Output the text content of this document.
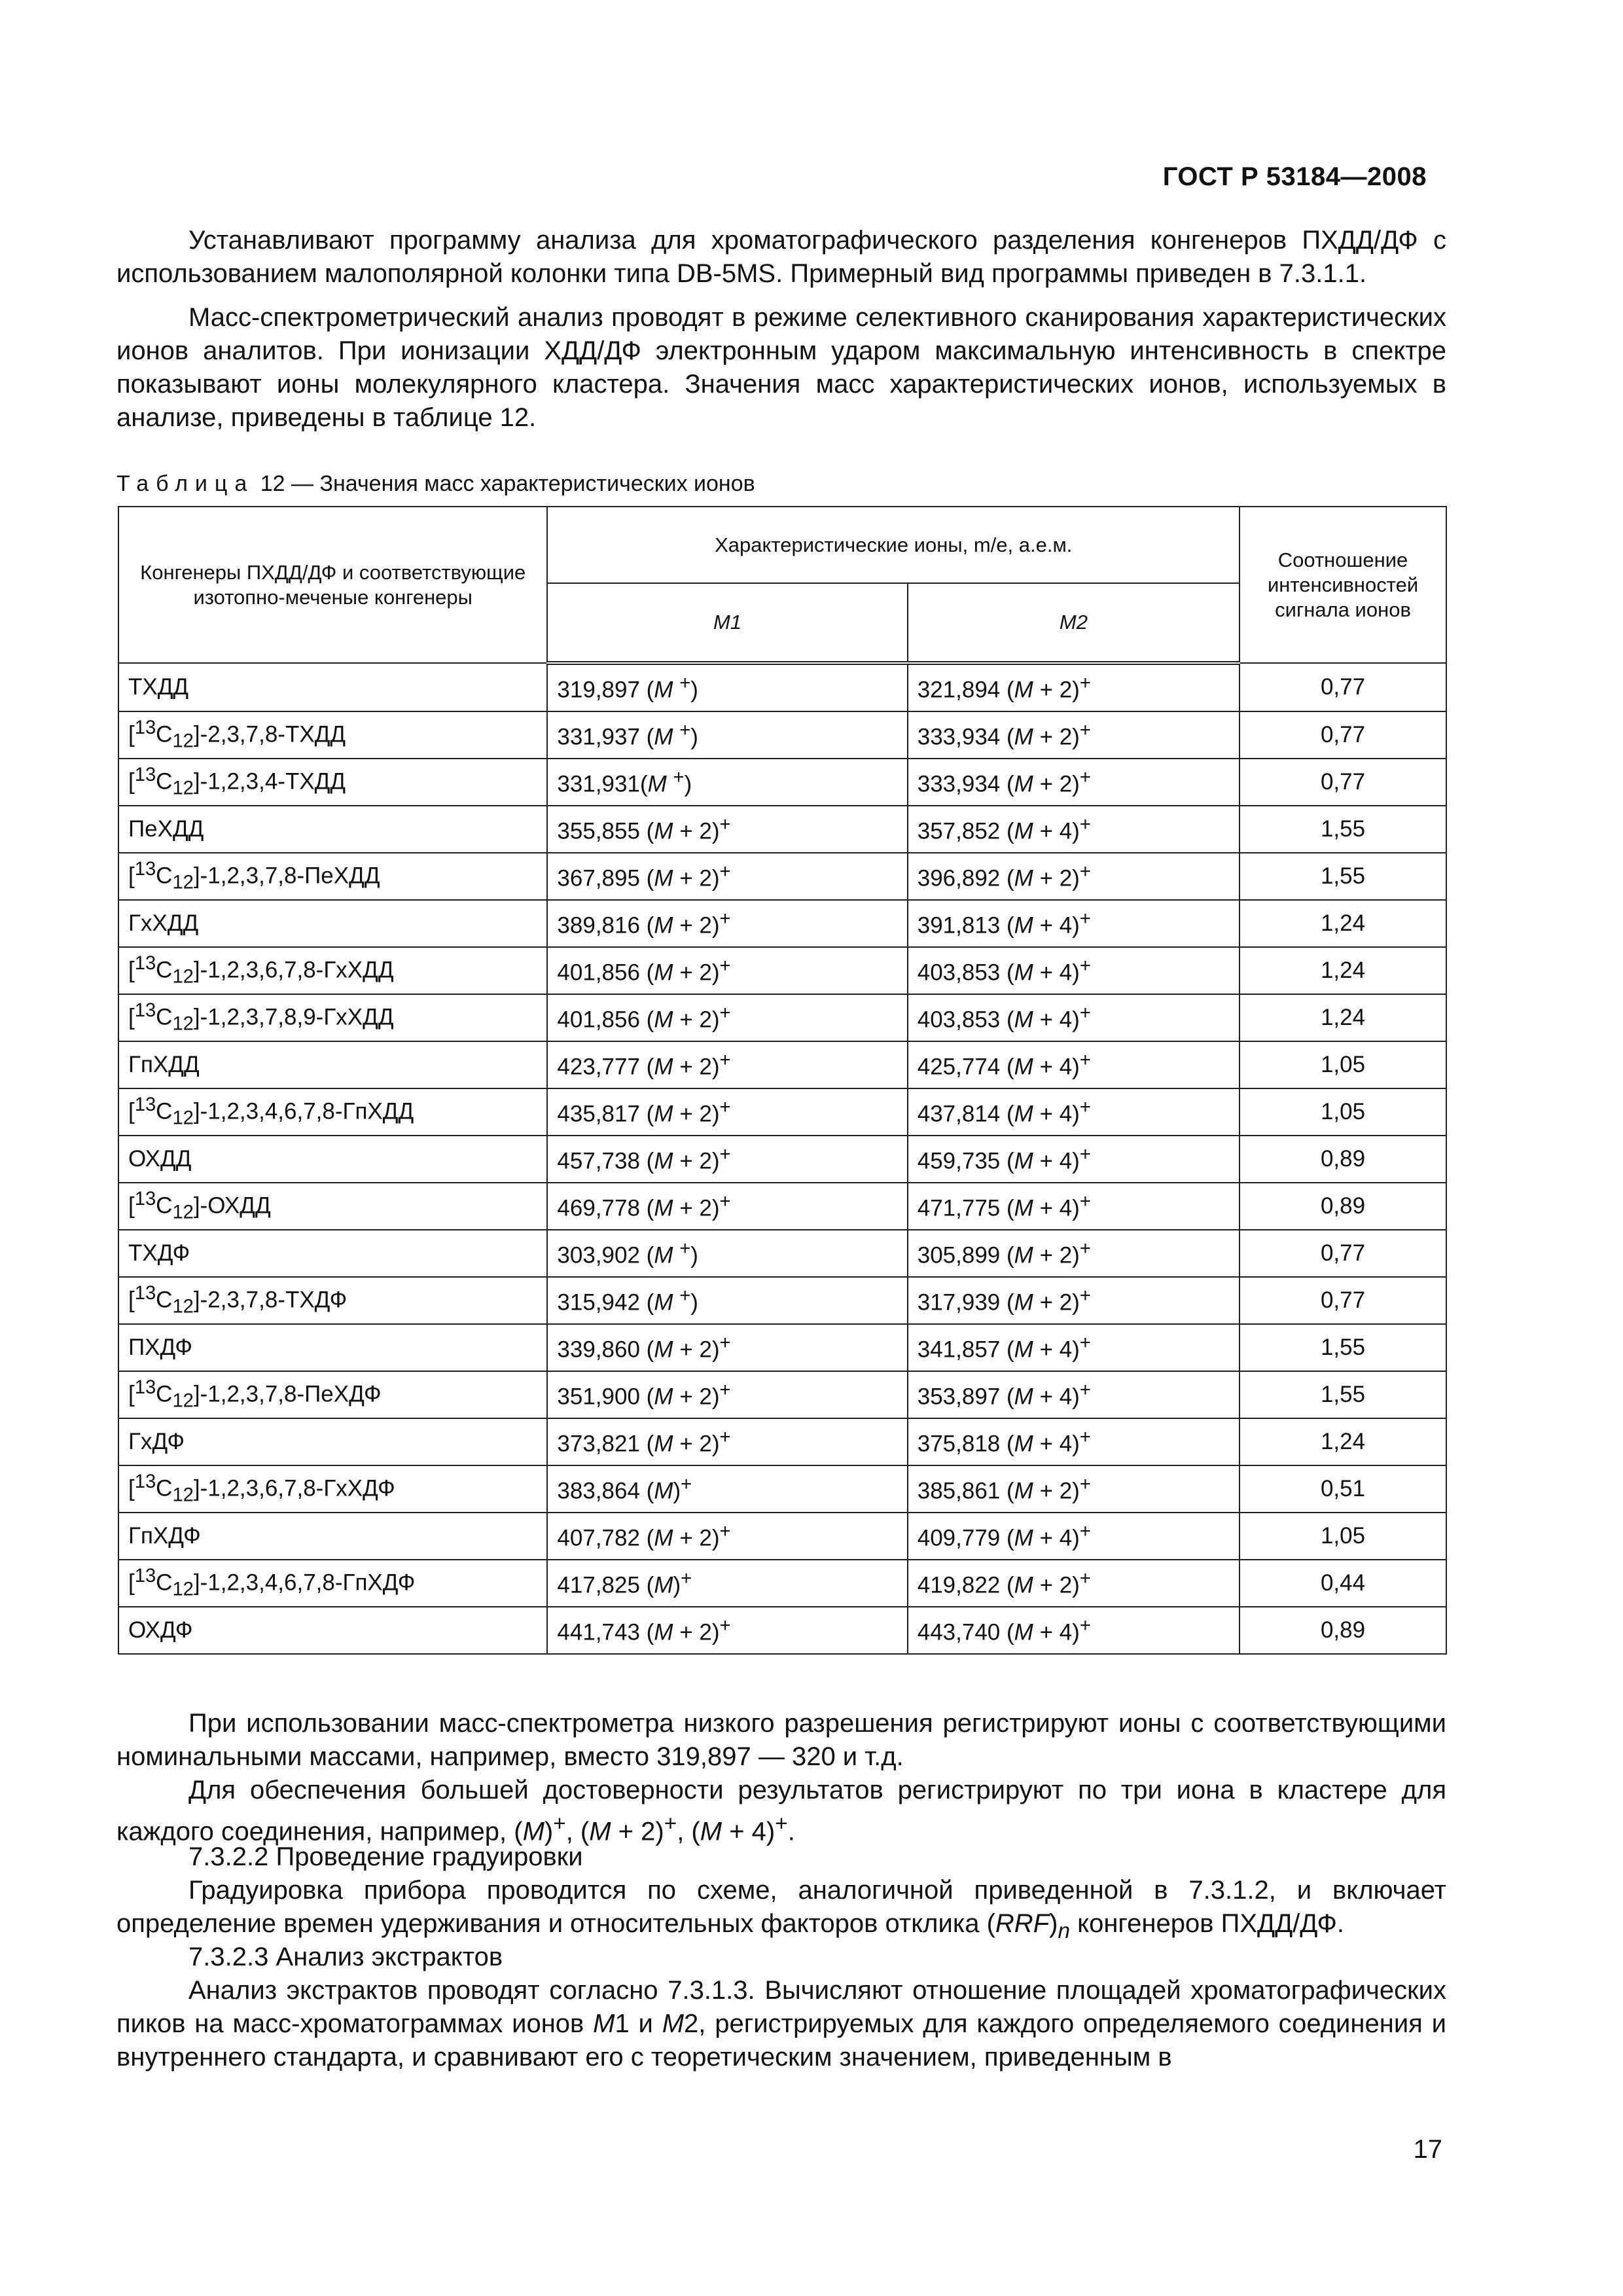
ГОСТ Р 53184—2008

Устанавливают программу анализа для хроматографического разделения конгенеров ПХДД/ДФ с использованием малополярной колонки типа DB-5MS. Примерный вид программы приведен в 7.3.1.1.

Масс-спектрометрический анализ проводят в режиме селективного сканирования характеристических ионов аналитов. При ионизации ХДД/ДФ электронным ударом максимальную интенсивность в спектре показывают ионы молекулярного кластера. Значения масс характеристических ионов, используемых в анализе, приведены в таблице 12.

Таблица 12 — Значения масс характеристических ионов
Конгенеры ПХДД/ДФ и соответствующие изотопно-меченые конгенеры	Характеристические ионы, m/e, а.е.м.		Соотношение интенсивностей сигнала ионов
	M1	M2	
ТХДД	319,897 (M +)	321,894 (M + 2)+	0,77
$[^{13}C_{12}]-2,3,7,8$-ТХДД	331,937 (M +)	333,934 (M + 2)+	0,77
$[^{13}C_{12}]-1,2,3,4$-ТХДД	331,931(M +)	333,934 (M + 2)+	0,77
ПеХДД	355,855 (M + 2)+	357,852 (M + 4)+	1,55
$[^{13}C_{12}]-1,2,3,7,8$-ПеХДД	367,895 (M + 2)+	396,892 (M + 2)+	1,55
ГхХДД	389,816 (M + 2)+	391,813 (M + 4)+	1,24
$[^{13}C_{12}]-1,2,3,6,7,8$-ГхХДД	401,856 (M + 2)+	403,853 (M + 4)+	1,24
$[^{13}C_{12}]-1,2,3,7,8,9$-ГхХДД	401,856 (M + 2)+	403,853 (M + 4)+	1,24
ГпХДД	423,777 (M + 2)+	425,774 (M + 4)+	1,05
$[^{13}C_{12}]-1,2,3,4,6,7,8$-ГпХДД	435,817 (M + 2)+	437,814 (M + 4)+	1,05
ОХДД	457,738 (M + 2)+	459,735 (M + 4)+	0,89
$[^{13}C_{12}]$-ОХДД	469,778 (M + 2)+	471,775 (M + 4)+	0,89
ТХДФ	303,902 (M +)	305,899 (M + 2)+	0,77
$[^{13}C_{12}]-2,3,7,8$-ТХДФ	315,942 (M +)	317,939 (M + 2)+	0,77
ПХДФ	339,860 (M + 2)+	341,857 (M + 4)+	1,55
$[^{13}C_{12}]-1,2,3,7,8$-ПеХДФ	351,900 (M + 2)+	353,897 (M + 4)+	1,55
ГхДФ	373,821 (M + 2)+	375,818 (M + 4)+	1,24
$[^{13}C_{12}]-1,2,3,6,7,8$-ГхХДФ	383,864 (M)+	385,861 (M + 2)+	0,51
ГпХДФ	407,782 (M + 2)+	409,779 (M + 4)+	1,05
$[^{13}C_{12}]-1,2,3,4,6,7,8$-ГпХДФ	417,825 (M)+	419,822 (M + 2)+	0,44
ОХДФ	441,743 (M + 2)+	443,740 (M + 4)+	0,89

При использовании масс-спектрометра низкого разрешения регистрируют ионы с соответствующими номинальными массами, например, вместо 319,897 — 320 и т.д.

Для обеспечения большей достоверности результатов регистрируют по три иона в кластере для каждого соединения, например, (M)+, (M + 2)+, (M + 4)+.

7.3.2.2 Проведение градуировки

Градуировка прибора проводится по схеме, аналогичной приведенной в 7.3.1.2, и включает определение времен удерживания и относительных факторов отклика $(RRF)_n$ конгенеров ПХДД/ДФ.

7.3.2.3 Анализ экстрактов

Анализ экстрактов проводят согласно 7.3.1.3. Вычисляют отношение площадей хроматографических пиков на масс-хроматограммах ионов M1 и M2, регистрируемых для каждого определяемого соединения и внутреннего стандарта, и сравнивают его с теоретическим значением, приведенным в

17
